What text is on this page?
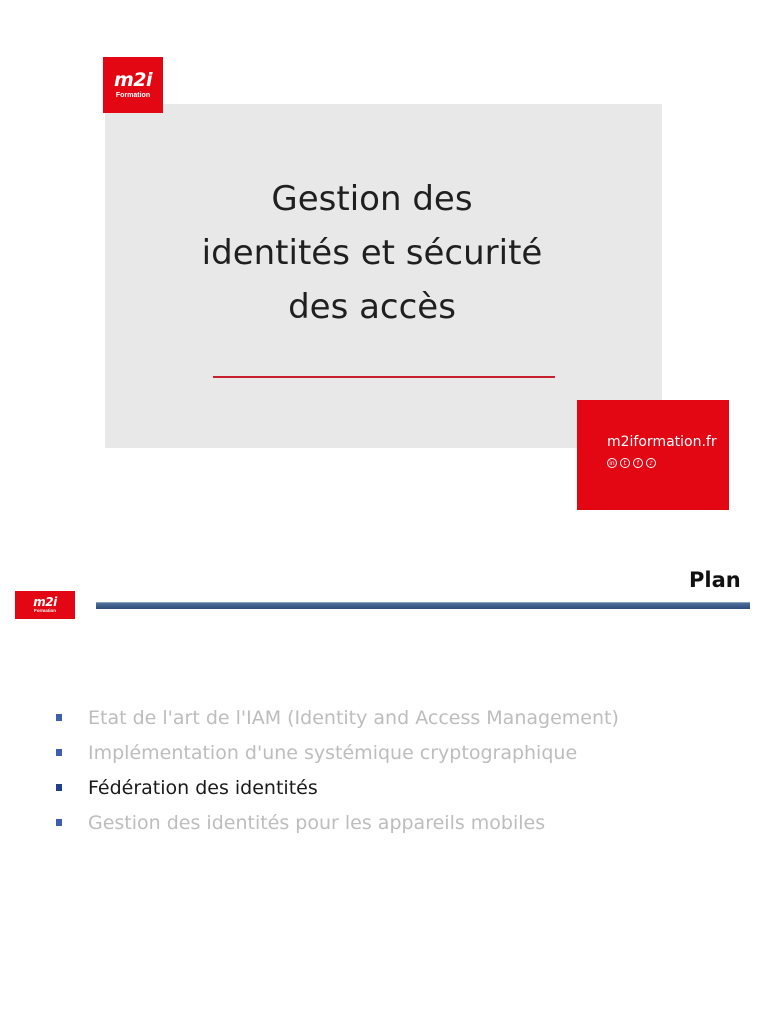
m2i
Formation
Gestion des
identités et sécurité
des accès
m2iformation.fr
in	t	f	♪
Plan
m2i
Formation
Etat de l'art de l'IAM (Identity and Access Management)
Implémentation d'une systémique cryptographique
Fédération des identités
Gestion des identités pour les appareils mobiles
